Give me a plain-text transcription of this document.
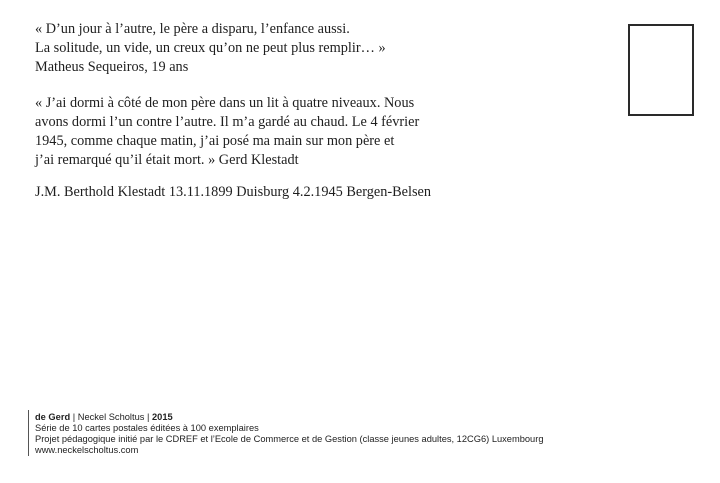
« D’un jour à l’autre, le père a disparu, l’enfance aussi.
La solitude, un vide, un creux qu’on ne peut plus remplir… »
Matheus Sequeiros, 19 ans
« J’ai dormi à côté de mon père dans un lit à quatre niveaux. Nous
avons dormi l’un contre l’autre. Il m’a gardé au chaud. Le 4 février
1945, comme chaque matin, j’ai posé ma main sur mon père et
j’ai remarqué qu’il était mort. » Gerd Klestadt
J.M. Berthold Klestadt 13.11.1899 Duisburg 4.2.1945 Bergen-Belsen
de Gerd | Neckel Scholtus | 2015
Série de 10 cartes postales éditées à 100 exemplaires
Projet pédagogique initié par le CDREF et l’Ecole de Commerce et de Gestion (classe jeunes adultes, 12CG6) Luxembourg
www.neckelscholtus.com
